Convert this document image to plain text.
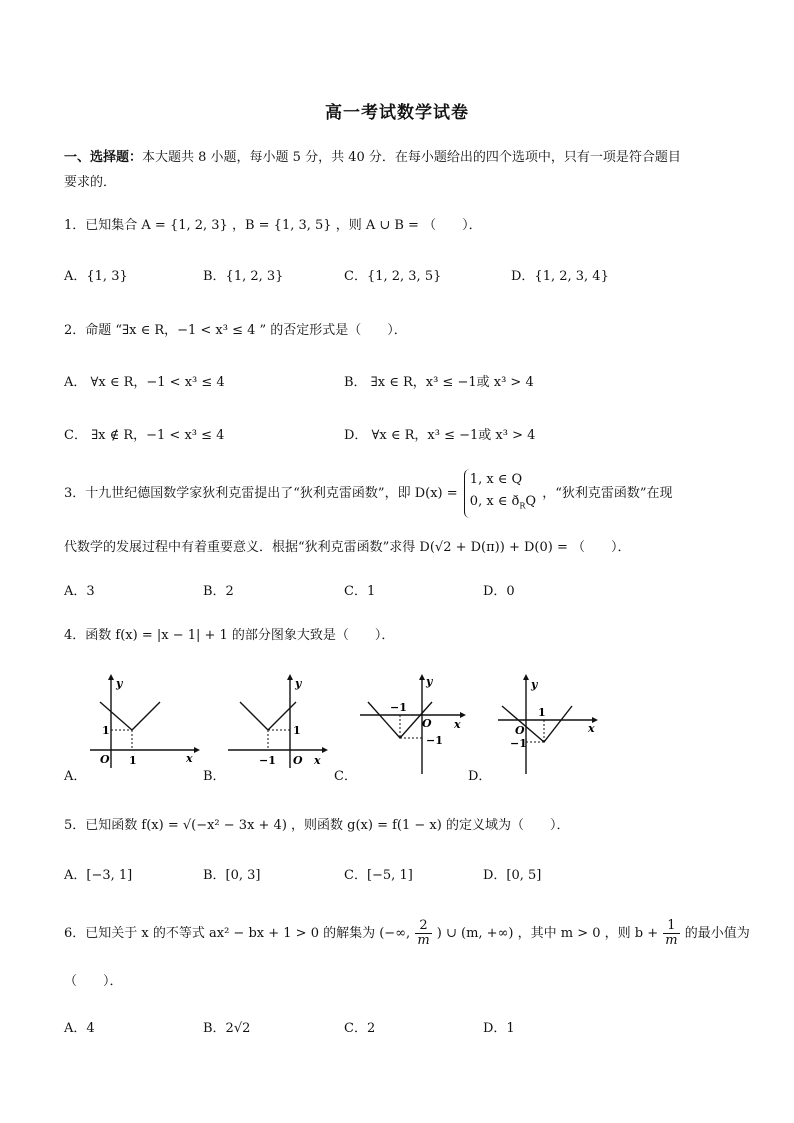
高一考试数学试卷
一、选择题：本大题共 8 小题，每小题 5 分，共 40 分．在每小题给出的四个选项中，只有一项是符合题目
要求的．
1．已知集合 A = {1, 2, 3} ，B = {1, 3, 5} ，则 A ∪ B = （　　）．
A．{1, 3}	B．{1, 2, 3}	C．{1, 2, 3, 5}	D．{1, 2, 3, 4}
2．命题 “∃x ∈ R，−1 < x³ ≤ 4 ” 的否定形式是（　　）．
A． ∀x ∈ R，−1 < x³ ≤ 4	B． ∃x ∈ R，x³ ≤ −1或 x³ > 4
C． ∃x ∉ R，−1 < x³ ≤ 4	D． ∀x ∈ R，x³ ≤ −1或 x³ > 4
3．十九世纪德国数学家狄利克雷提出了“狄利克雷函数”，即 D(x) =
1, x ∈ Q
0, x ∈ $ð_RQ$
，“狄利克雷函数”在现
代数学的发展过程中有着重要意义．根据“狄利克雷函数”求得 D(√2 + D(π)) + D(0) = （　　）．
A．3	B．2	C．1	D．0
4．函数 f(x) = |x − 1| + 1 的部分图象大致是（　　）．
y
x
O 1
1
A．
y
x
O
−1
1
B．
y
x
O
−1
−1
C．
y
x
O
1
−1
D．
5．已知函数 f(x) = √(−x² − 3x + 4) ，则函数 g(x) = f(1 − x) 的定义域为（　　）．
A．[−3, 1]	B．[0, 3]	C．[−5, 1]	D．[0, 5]
6．已知关于 x 的不等式 ax² − bx + 1 > 0 的解集为 (−∞, $\frac{2}{m}$ ) ∪ (m, +∞) ，其中 m > 0 ，则 $b + \frac{1}{m}$ 的最小值为
（　　）．
A．4	B．2√2	C．2	D．1
